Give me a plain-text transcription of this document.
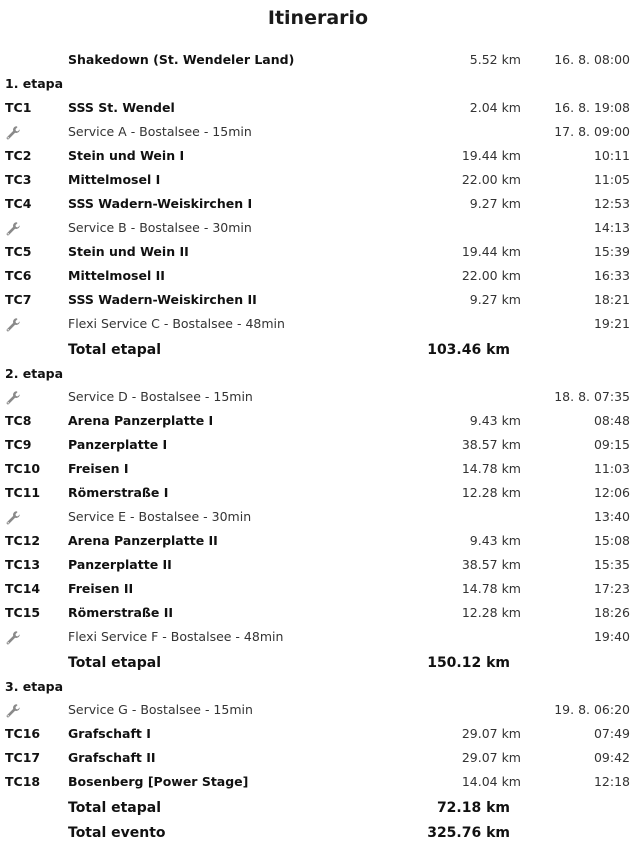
Itinerario
Shakedown (St. Wendeler Land)	5.52 km	16. 8. 08:00
1. etapa
TC1	SSS St. Wendel	2.04 km	16. 8. 19:08
Service A - Bostalsee - 15min	17. 8. 09:00
TC2	Stein und Wein I	19.44 km	10:11
TC3	Mittelmosel I	22.00 km	11:05
TC4	SSS Wadern-Weiskirchen I	9.27 km	12:53
Service B - Bostalsee - 30min	14:13
TC5	Stein und Wein II	19.44 km	15:39
TC6	Mittelmosel II	22.00 km	16:33
TC7	SSS Wadern-Weiskirchen II	9.27 km	18:21
Flexi Service C - Bostalsee - 48min	19:21
Total etapal	103.46 km
2. etapa
Service D - Bostalsee - 15min	18. 8. 07:35
TC8	Arena Panzerplatte I	9.43 km	08:48
TC9	Panzerplatte I	38.57 km	09:15
TC10 Freisen I	14.78 km	11:03
TC11 Römerstraße I	12.28 km	12:06
Service E - Bostalsee - 30min	13:40
TC12 Arena Panzerplatte II	9.43 km	15:08
TC13 Panzerplatte II	38.57 km	15:35
TC14 Freisen II	14.78 km	17:23
TC15 Römerstraße II	12.28 km	18:26
Flexi Service F - Bostalsee - 48min	19:40
Total etapal	150.12 km
3. etapa
Service G - Bostalsee - 15min	19. 8. 06:20
TC16 Grafschaft I	29.07 km	07:49
TC17 Grafschaft II	29.07 km	09:42
TC18 Bosenberg [Power Stage]	14.04 km	12:18
Total etapal	72.18 km
Total evento	325.76 km
